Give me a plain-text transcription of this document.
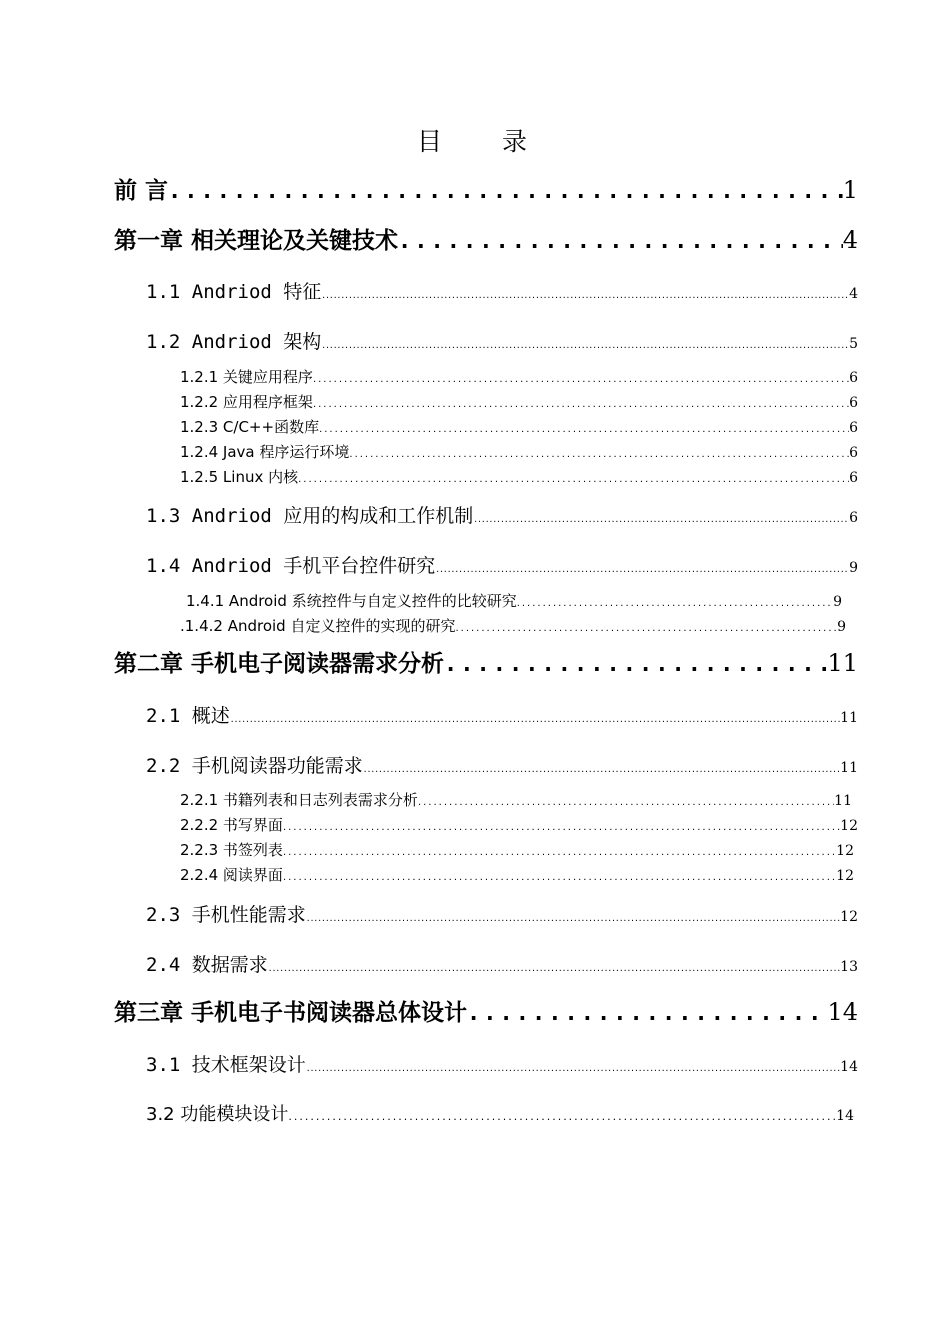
目 录
前 言 .....	1
第一章 相关理论及关键技术 .....	4
1.1 Andriod 特征 .....	4
1.2 Andriod 架构 .....	5
1.2.1 关键应用程序 .....	6
1.2.2 应用程序框架 .....	6
1.2.3 C/C++函数库 .....	6
1.2.4 Java 程序运行环境 .....	6
1.2.5 Linux 内核 .....	6
1.3 Andriod 应用的构成和工作机制 .....	6
1.4 Andriod 手机平台控件研究 .....	9
1.4.1 Android 系统控件与自定义控件的比较研究 .....	9
.1.4.2 Android 自定义控件的实现的研究 .....	9
第二章 手机电子阅读器需求分析 .....	11
2.1 概述 .....	11
2.2 手机阅读器功能需求 .....	11
2.2.1 书籍列表和日志列表需求分析 .....	11
2.2.2 书写界面 .....	12
2.2.3 书签列表 .....	12
2.2.4 阅读界面 .....	12
2.3 手机性能需求 .....	12
2.4 数据需求 .....	13
第三章 手机电子书阅读器总体设计 .....	14
3.1 技术框架设计 .....	14
3.2 功能模块设计 .....	14
